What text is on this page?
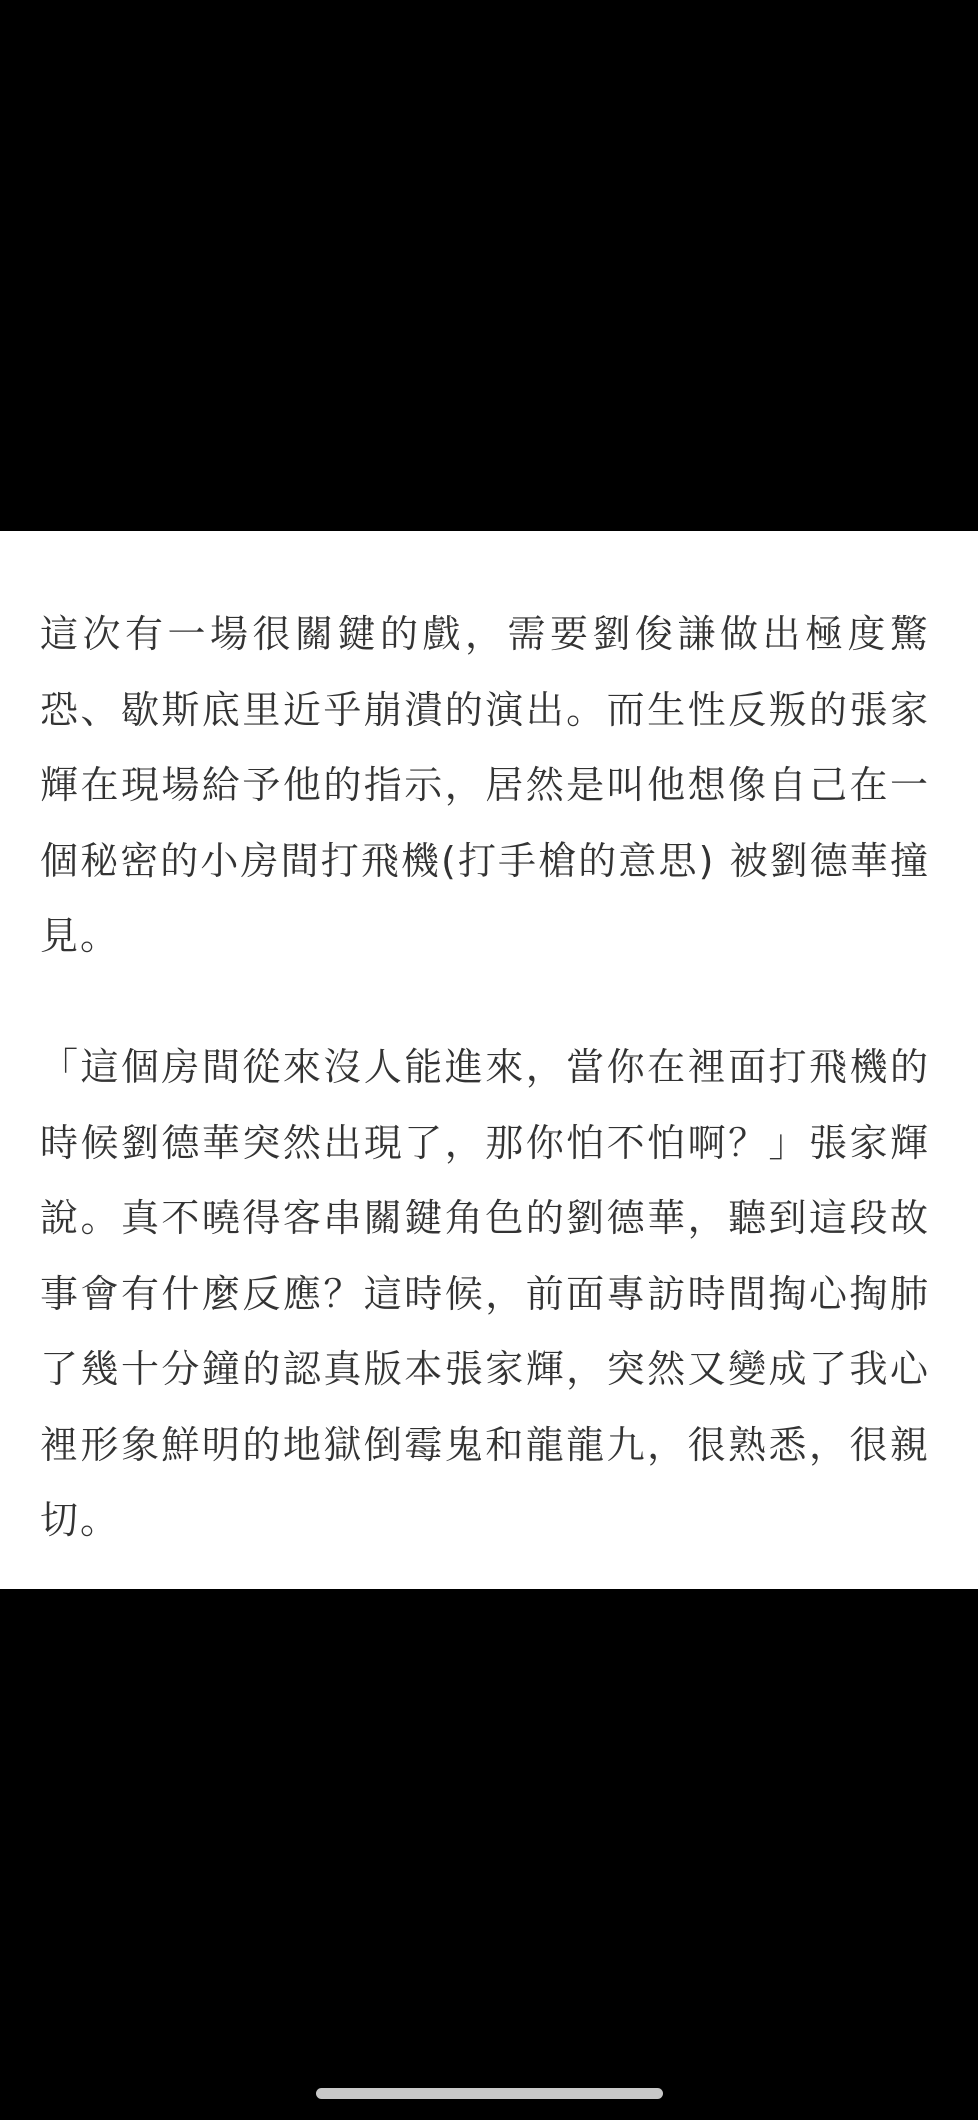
這次有一場很關鍵的戲，需要劉俊謙做出極度驚恐、歇斯底里近乎崩潰的演出。而生性反叛的張家輝在現場給予他的指示，居然是叫他想像自己在一個秘密的小房間打飛機(打手槍的意思) 被劉德華撞見。

「這個房間從來沒人能進來，當你在裡面打飛機的時候劉德華突然出現了，那你怕不怕啊？」張家輝說。真不曉得客串關鍵角色的劉德華，聽到這段故事會有什麼反應？這時候，前面專訪時間掏心掏肺了幾十分鐘的認真版本張家輝，突然又變成了我心裡形象鮮明的地獄倒霉鬼和龍龍九，很熟悉，很親切。
